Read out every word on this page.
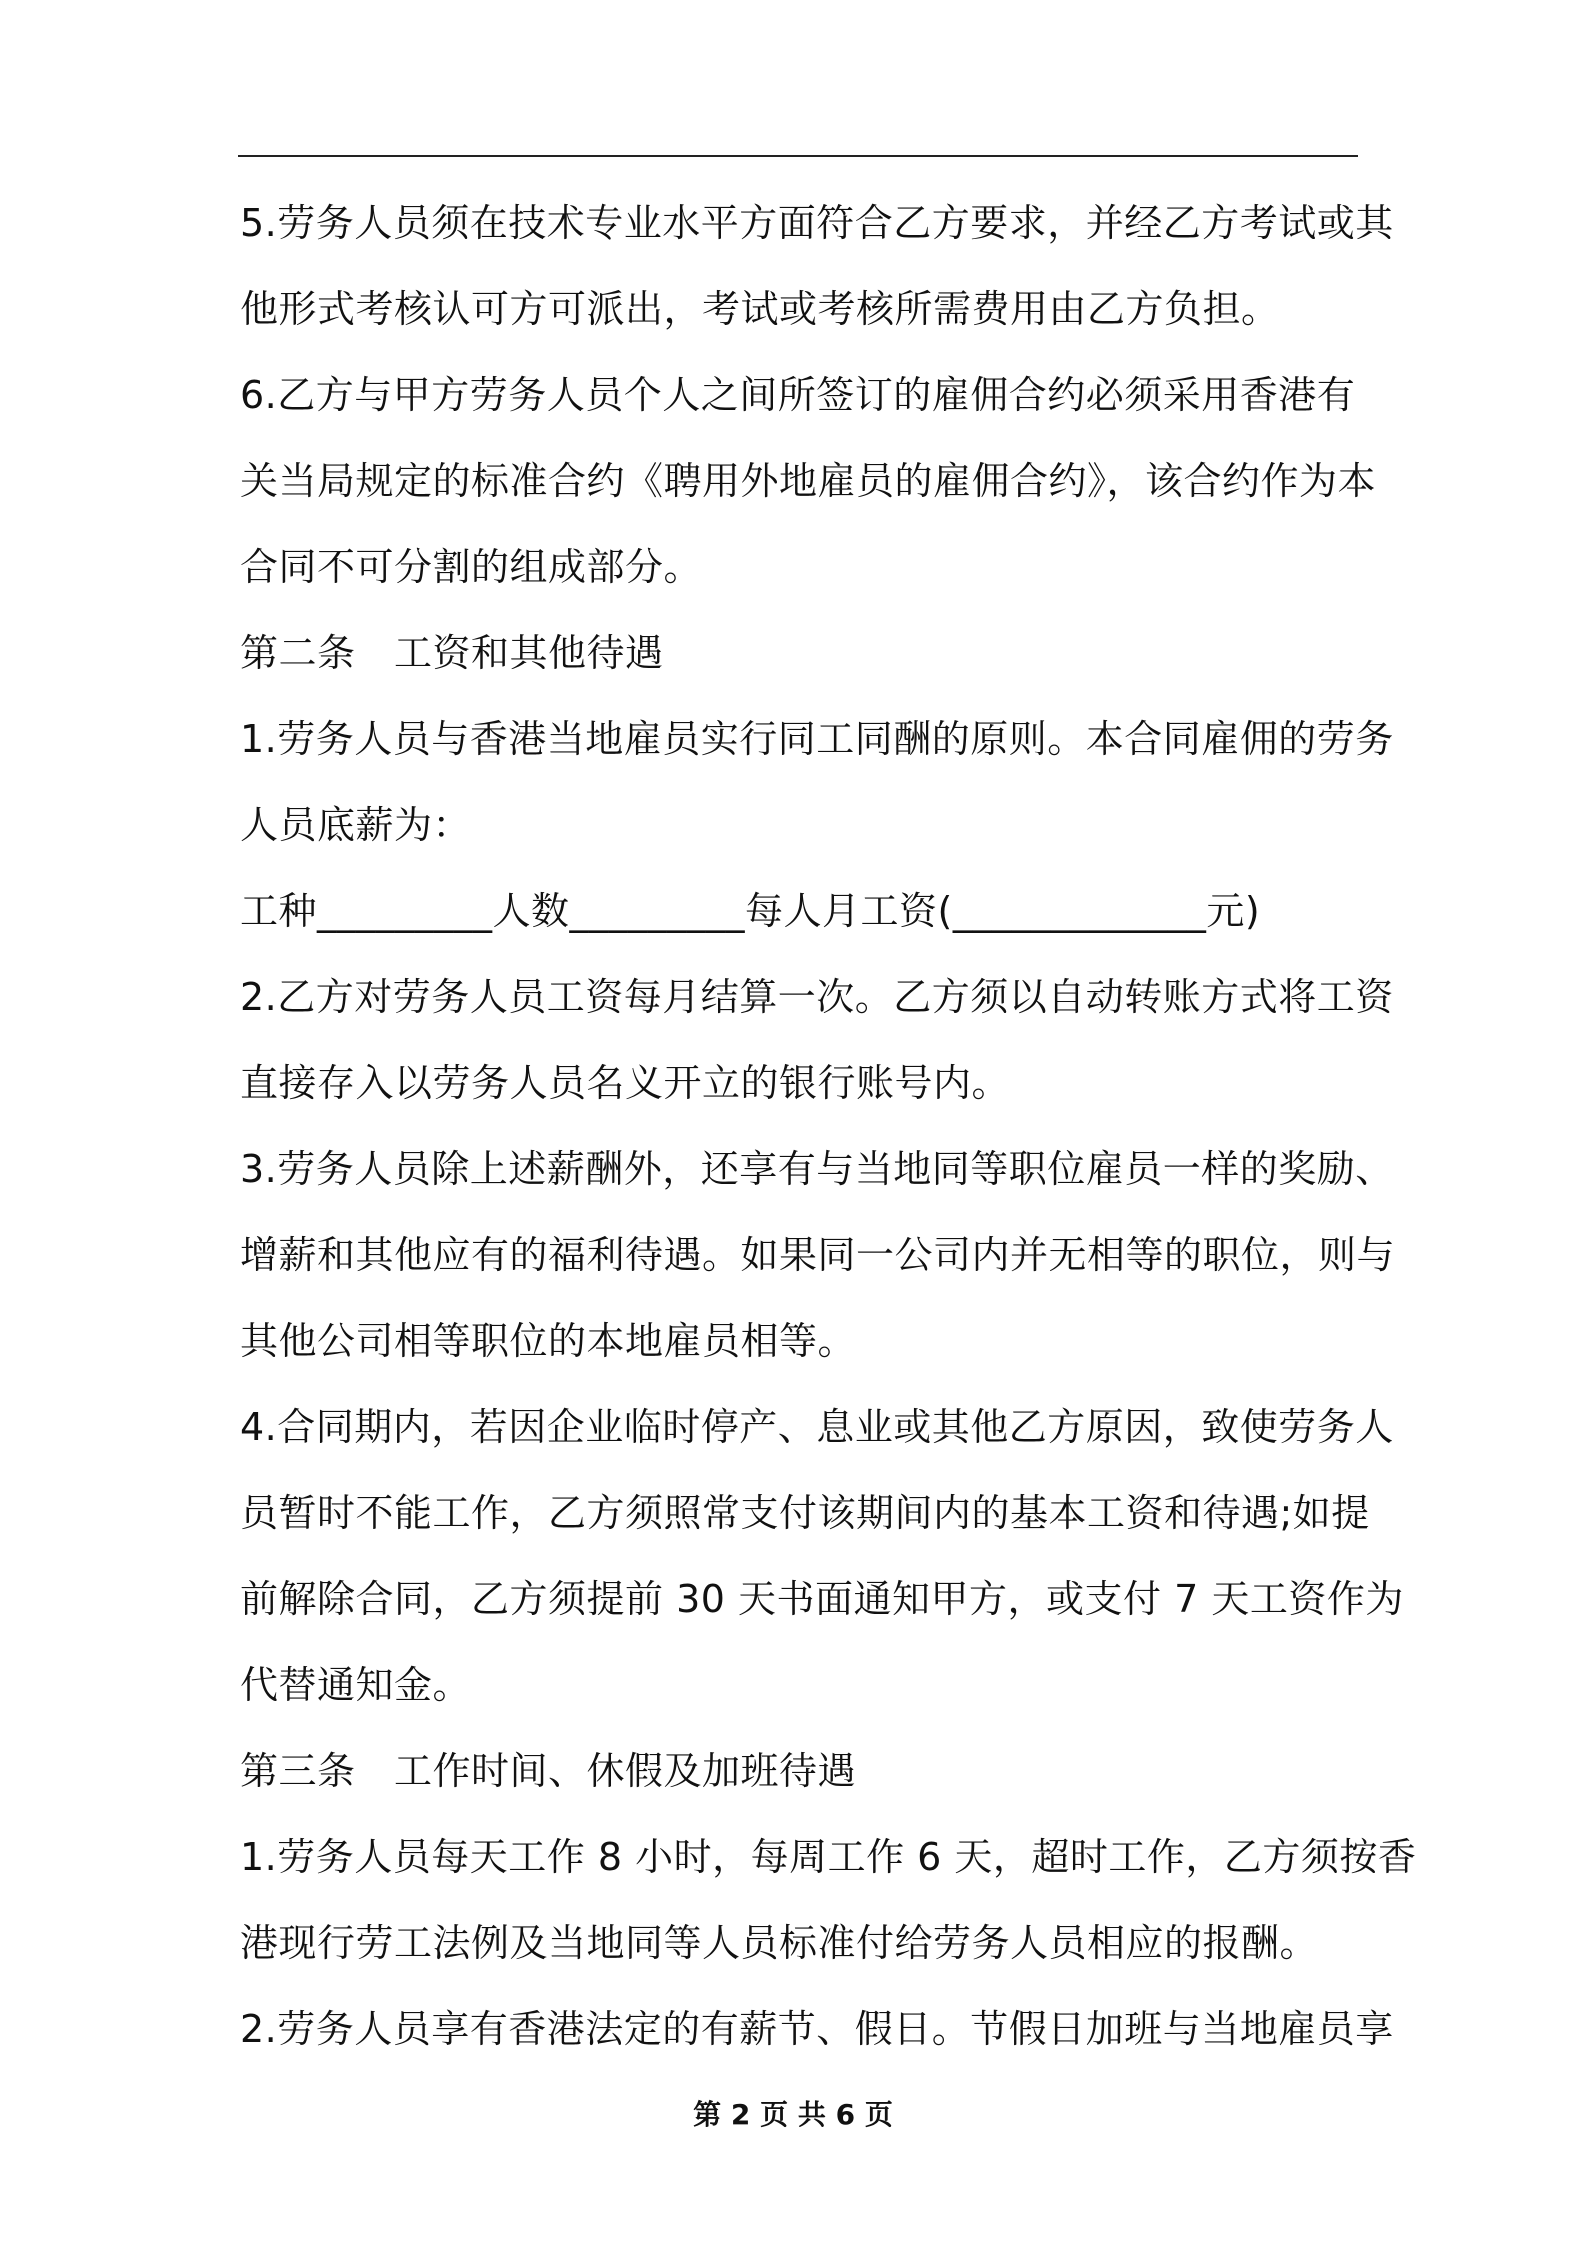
5.劳务人员须在技术专业水平方面符合乙方要求，并经乙方考试或其
他形式考核认可方可派出，考试或考核所需费用由乙方负担。
6.乙方与甲方劳务人员个人之间所签订的雇佣合约必须采用香港有
关当局规定的标准合约《聘用外地雇员的雇佣合约》，该合约作为本
合同不可分割的组成部分。
第二条　工资和其他待遇
1.劳务人员与香港当地雇员实行同工同酬的原则。本合同雇佣的劳务
人员底薪为：
工种_________人数_________每人月工资(_____________元)
2.乙方对劳务人员工资每月结算一次。乙方须以自动转账方式将工资
直接存入以劳务人员名义开立的银行账号内。
3.劳务人员除上述薪酬外，还享有与当地同等职位雇员一样的奖励、
增薪和其他应有的福利待遇。如果同一公司内并无相等的职位，则与
其他公司相等职位的本地雇员相等。
4.合同期内，若因企业临时停产、息业或其他乙方原因，致使劳务人
员暂时不能工作，乙方须照常支付该期间内的基本工资和待遇;如提
前解除合同，乙方须提前 30 天书面通知甲方，或支付 7 天工资作为
代替通知金。
第三条　工作时间、休假及加班待遇
1.劳务人员每天工作 8 小时，每周工作 6 天，超时工作，乙方须按香
港现行劳工法例及当地同等人员标准付给劳务人员相应的报酬。
2.劳务人员享有香港法定的有薪节、假日。节假日加班与当地雇员享
第 2 页 共 6 页
